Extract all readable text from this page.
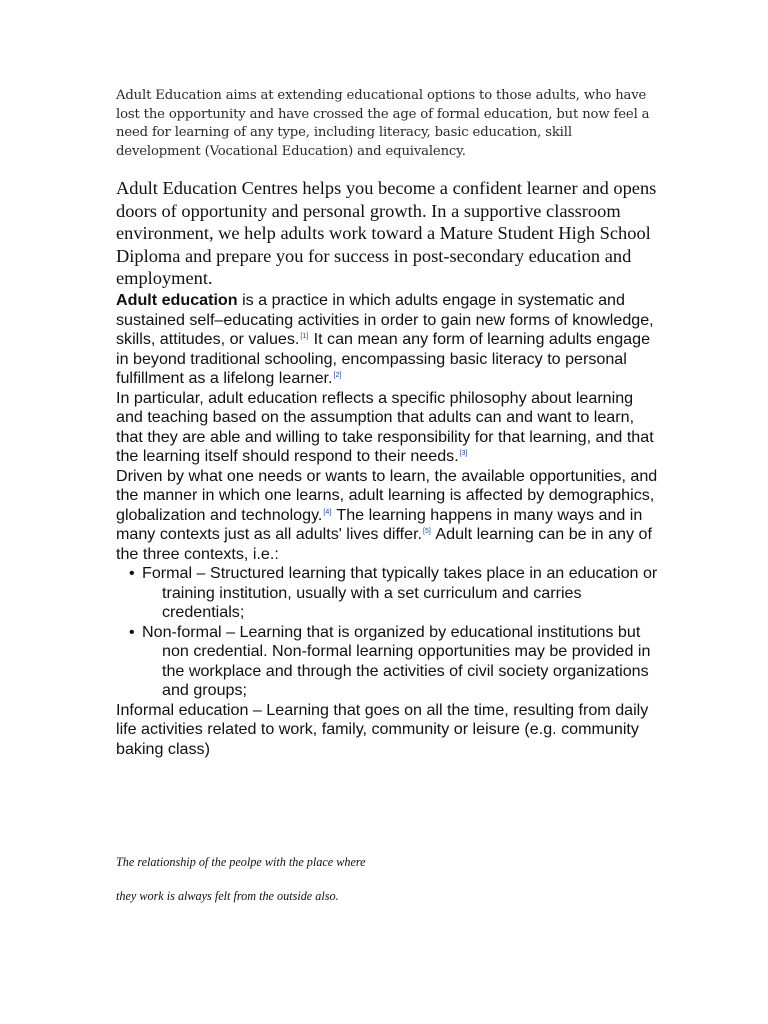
Adult Education aims at extending educational options to those adults, who have lost the opportunity and have crossed the age of formal education, but now feel a need for learning of any type, including literacy, basic education, skill development (Vocational Education) and equivalency.

Adult Education Centres helps you become a confident learner and opens doors of opportunity and personal growth. In a supportive classroom environment, we help adults work toward a Mature Student High School Diploma and prepare you for success in post-secondary education and employment.

Adult education is a practice in which adults engage in systematic and sustained self–educating activities in order to gain new forms of knowledge, skills, attitudes, or values.[1] It can mean any form of learning adults engage in beyond traditional schooling, encompassing basic literacy to personal fulfillment as a lifelong learner.[2]

In particular, adult education reflects a specific philosophy about learning and teaching based on the assumption that adults can and want to learn, that they are able and willing to take responsibility for that learning, and that the learning itself should respond to their needs.[3]

Driven by what one needs or wants to learn, the available opportunities, and the manner in which one learns, adult learning is affected by demographics, globalization and technology.[4] The learning happens in many ways and in many contexts just as all adults' lives differ.[5] Adult learning can be in any of the three contexts, i.e.:

• Formal – Structured learning that typically takes place in an education or training institution, usually with a set curriculum and carries credentials;
• Non-formal – Learning that is organized by educational institutions but non credential. Non-formal learning opportunities may be provided in the workplace and through the activities of civil society organizations and groups;

Informal education – Learning that goes on all the time, resulting from daily life activities related to work, family, community or leisure (e.g. community baking class)

The relationship of the peolpe with the place where

they work is always felt from the outside also.
